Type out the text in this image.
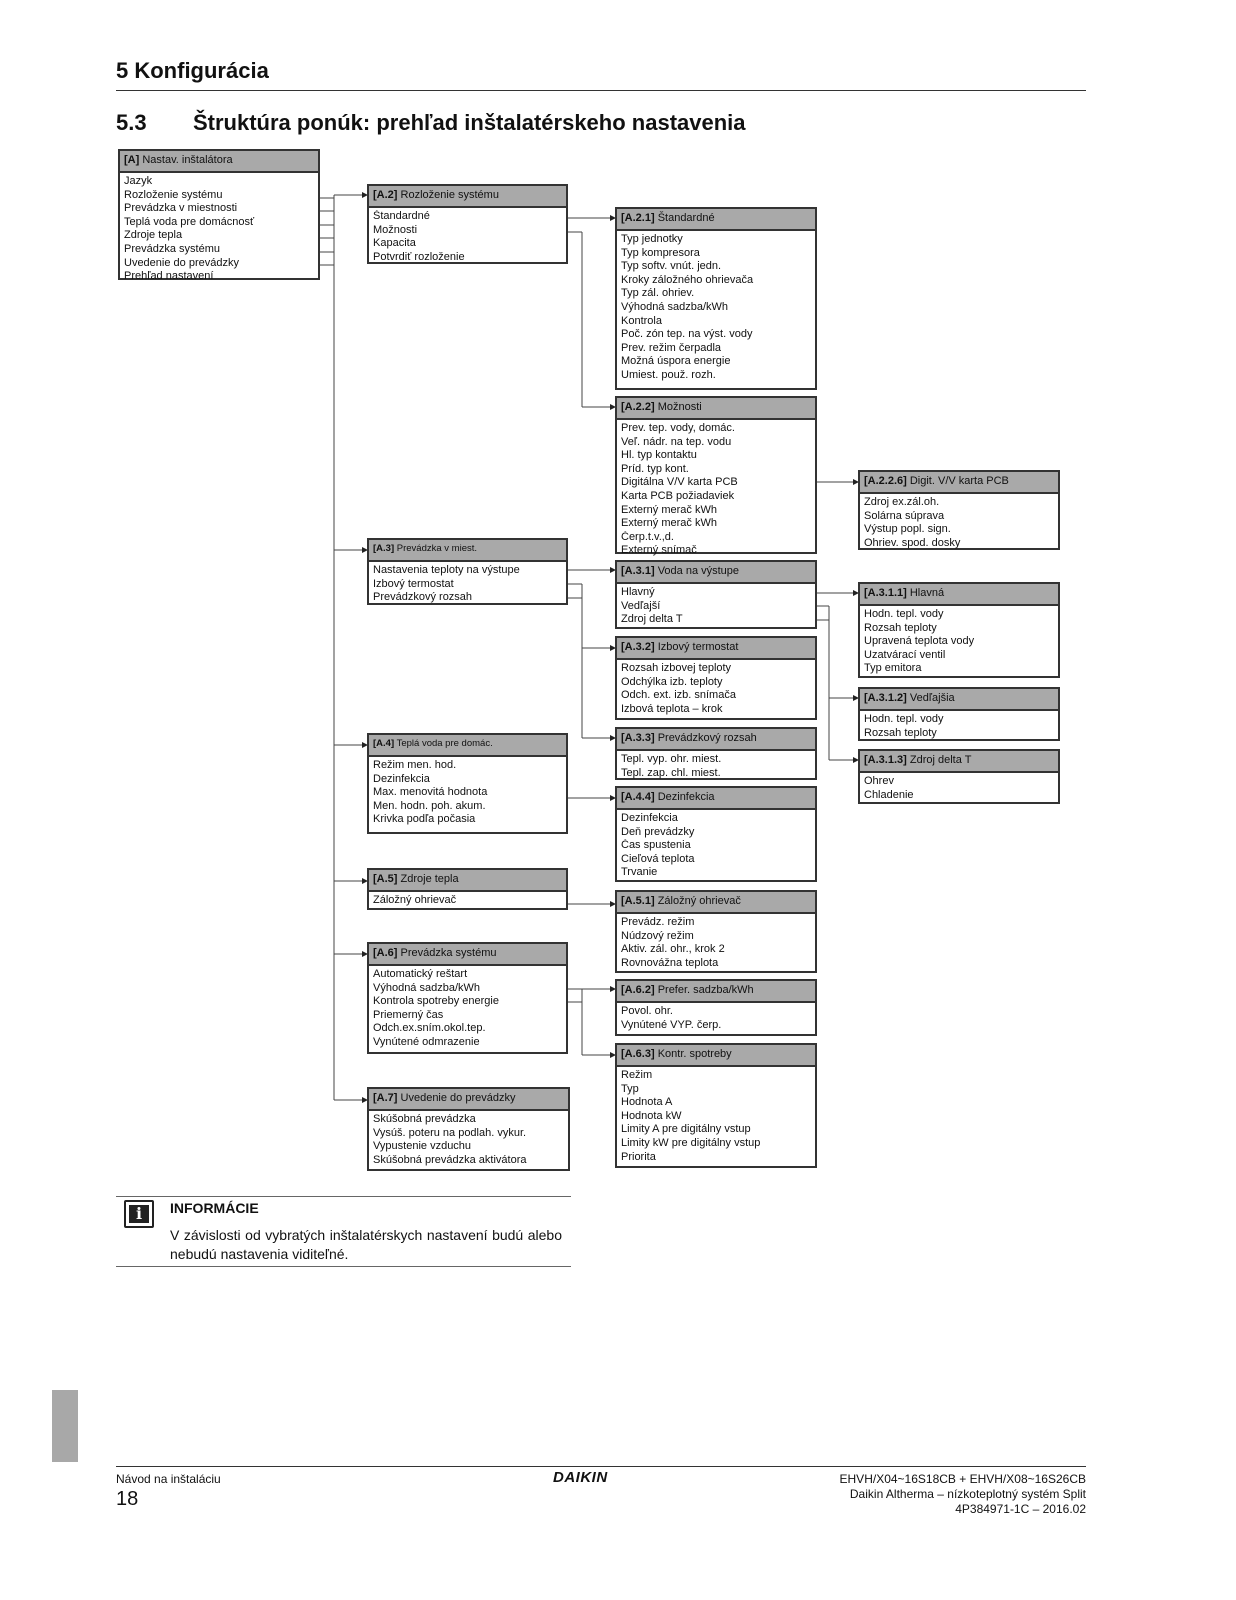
5 Konfigurácia
5.3 Štruktúra ponúk: prehľad inštalatérskeho nastavenia
[A] Nastav. inštalátora
Jazyk
Rozloženie systému
Prevádzka v miestnosti
Teplá voda pre domácnosť
Zdroje tepla
Prevádzka systému
Uvedenie do prevádzky
Prehľad nastavení
[A.2] Rozloženie systému
Štandardné
Možnosti
Kapacita
Potvrdiť rozloženie
[A.2.1] Štandardné
Typ jednotky
Typ kompresora
Typ softv. vnút. jedn.
Kroky záložného ohrievača
Typ zál. ohriev.
Výhodná sadzba/kWh
Kontrola
Poč. zón tep. na výst. vody
Prev. režim čerpadla
Možná úspora energie
Umiest. použ. rozh.
[A.2.2] Možnosti
Prev. tep. vody, domác.
Veľ. nádr. na tep. vodu
Hl. typ kontaktu
Príd. typ kont.
Digitálna V/V karta PCB
Karta PCB požiadaviek
Externý merač kWh
Externý merač kWh
Čerp.t.v.,d.
Externý snímač
[A.2.2.6] Digit. V/V karta PCB
Zdroj ex.zál.oh.
Solárna súprava
Výstup popl. sign.
Ohriev. spod. dosky
[A.3] Prevádzka v miest.
Nastavenia teploty na výstupe
Izbový termostat
Prevádzkový rozsah
[A.3.1] Voda na výstupe
Hlavný
Vedľajší
Zdroj delta T
[A.3.1.1] Hlavná
Hodn. tepl. vody
Rozsah teploty
Upravená teplota vody
Uzatvárací ventil
Typ emitora
[A.3.1.2] Vedľajšia
Hodn. tepl. vody
Rozsah teploty
[A.3.1.3] Zdroj delta T
Ohrev
Chladenie
[A.3.2] Izbový termostat
Rozsah izbovej teploty
Odchýlka izb. teploty
Odch. ext. izb. snímača
Izbová teplota – krok
[A.3.3] Prevádzkový rozsah
Tepl. vyp. ohr. miest.
Tepl. zap. chl. miest.
[A.4] Teplá voda pre domác.
Režim men. hod.
Dezinfekcia
Max. menovitá hodnota
Men. hodn. poh. akum.
Krivka podľa počasia
[A.4.4] Dezinfekcia
Dezinfekcia
Deň prevádzky
Čas spustenia
Cieľová teplota
Trvanie
[A.5] Zdroje tepla
Záložný ohrievač	[A.5.1] Záložný ohrievač
Prevádz. režim
Núdzový režim
Aktiv. zál. ohr., krok 2
Rovnovážna teplota
[A.6] Prevádzka systému
Automatický reštart
Výhodná sadzba/kWh
Kontrola spotreby energie
Priemerný čas
Odch.ex.sním.okol.tep.
Vynútené odmrazenie
[A.6.2] Prefer. sadzba/kWh
Povol. ohr.
Vynútené VYP. čerp.
[A.6.3] Kontr. spotreby
Režim
Typ
Hodnota A
Hodnota kW
Limity A pre digitálny vstup
Limity kW pre digitálny vstup
Priorita
[A.7] Uvedenie do prevádzky
Skúšobná prevádzka
Vysúš. poteru na podlah. vykur.
Vypustenie vzduchu
Skúšobná prevádzka aktivátora
i	INFORMÁCIE
V závislosti od vybratých inštalatérskych nastavení budú alebo nebudú nastavenia viditeľné.
Návod na inštaláciu
18
DAIKIN	EHVH/X04~16S18CB + EHVH/X08~16S26CB
Daikin Altherma – nízkoteplotný systém Split
4P384971-1C – 2016.02
